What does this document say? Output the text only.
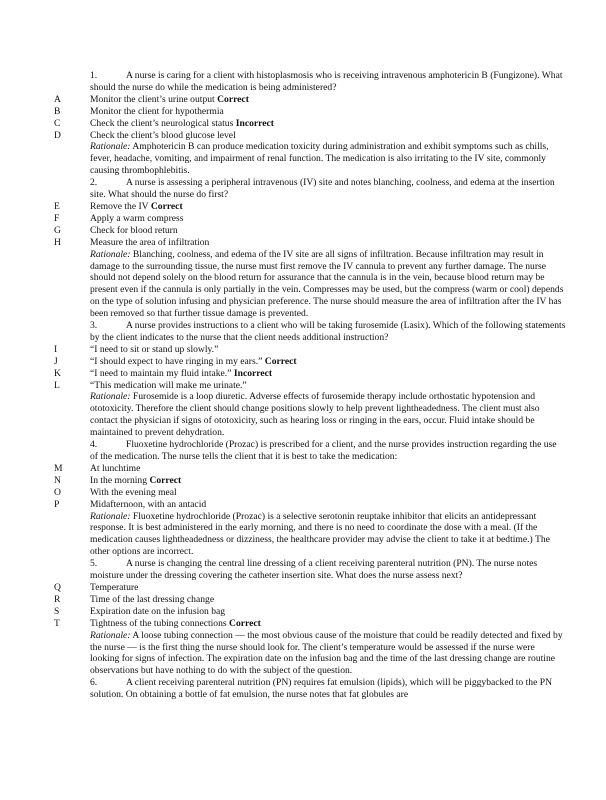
1.	A nurse is caring for a client with histoplasmosis who is receiving intravenous amphotericin B (Fungizone). What should the nurse do while the medication is being administered?
A	Monitor the client’s urine output Correct
B	Monitor the client for hypothermia
C	Check the client’s neurological status Incorrect
D	Check the client’s blood glucose level
Rationale: Amphotericin B can produce medication toxicity during administration and exhibit symptoms such as chills, fever, headache, vomiting, and impairment of renal function. The medication is also irritating to the IV site, commonly causing thrombophlebitis.
2.	A nurse is assessing a peripheral intravenous (IV) site and notes blanching, coolness, and edema at the insertion site. What should the nurse do first?
E	Remove the IV Correct
F	Apply a warm compress
G	Check for blood return
H	Measure the area of infiltration
Rationale: Blanching, coolness, and edema of the IV site are all signs of infiltration. Because infiltration may result in damage to the surrounding tissue, the nurse must first remove the IV cannula to prevent any further damage. The nurse should not depend solely on the blood return for assurance that the cannula is in the vein, because blood return may be present even if the cannula is only partially in the vein. Compresses may be used, but the compress (warm or cool) depends on the type of solution infusing and physician preference. The nurse should measure the area of infiltration after the IV has been removed so that further tissue damage is prevented.
3.	A nurse provides instructions to a client who will be taking furosemide (Lasix). Which of the following statements by the client indicates to the nurse that the client needs additional instruction?
I	“I need to sit or stand up slowly.”
J	“I should expect to have ringing in my ears.” Correct
K	“I need to maintain my fluid intake.” Incorrect
L	“This medication will make me urinate.”
Rationale: Furosemide is a loop diuretic. Adverse effects of furosemide therapy include orthostatic hypotension and ototoxicity. Therefore the client should change positions slowly to help prevent lightheadedness. The client must also contact the physician if signs of ototoxicity, such as hearing loss or ringing in the ears, occur. Fluid intake should be maintained to prevent dehydration.
4.	Fluoxetine hydrochloride (Prozac) is prescribed for a client, and the nurse provides instruction regarding the use of the medication. The nurse tells the client that it is best to take the medication:
M	At lunchtime
N	In the morning Correct
O	With the evening meal
P	Midafternoon, with an antacid
Rationale: Fluoxetine hydrochloride (Prozac) is a selective serotonin reuptake inhibitor that elicits an antidepressant response. It is best administered in the early morning, and there is no need to coordinate the dose with a meal. (If the medication causes lightheadedness or dizziness, the healthcare provider may advise the client to take it at bedtime.) The other options are incorrect.
5.	A nurse is changing the central line dressing of a client receiving parenteral nutrition (PN). The nurse notes moisture under the dressing covering the catheter insertion site. What does the nurse assess next?
Q	Temperature
R	Time of the last dressing change
S	Expiration date on the infusion bag
T	Tightness of the tubing connections Correct
Rationale: A loose tubing connection — the most obvious cause of the moisture that could be readily detected and fixed by the nurse — is the first thing the nurse should look for. The client’s temperature would be assessed if the nurse were looking for signs of infection. The expiration date on the infusion bag and the time of the last dressing change are routine observations but have nothing to do with the subject of the question.
6.	A client receiving parenteral nutrition (PN) requires fat emulsion (lipids), which will be piggybacked to the PN solution. On obtaining a bottle of fat emulsion, the nurse notes that fat globules are
